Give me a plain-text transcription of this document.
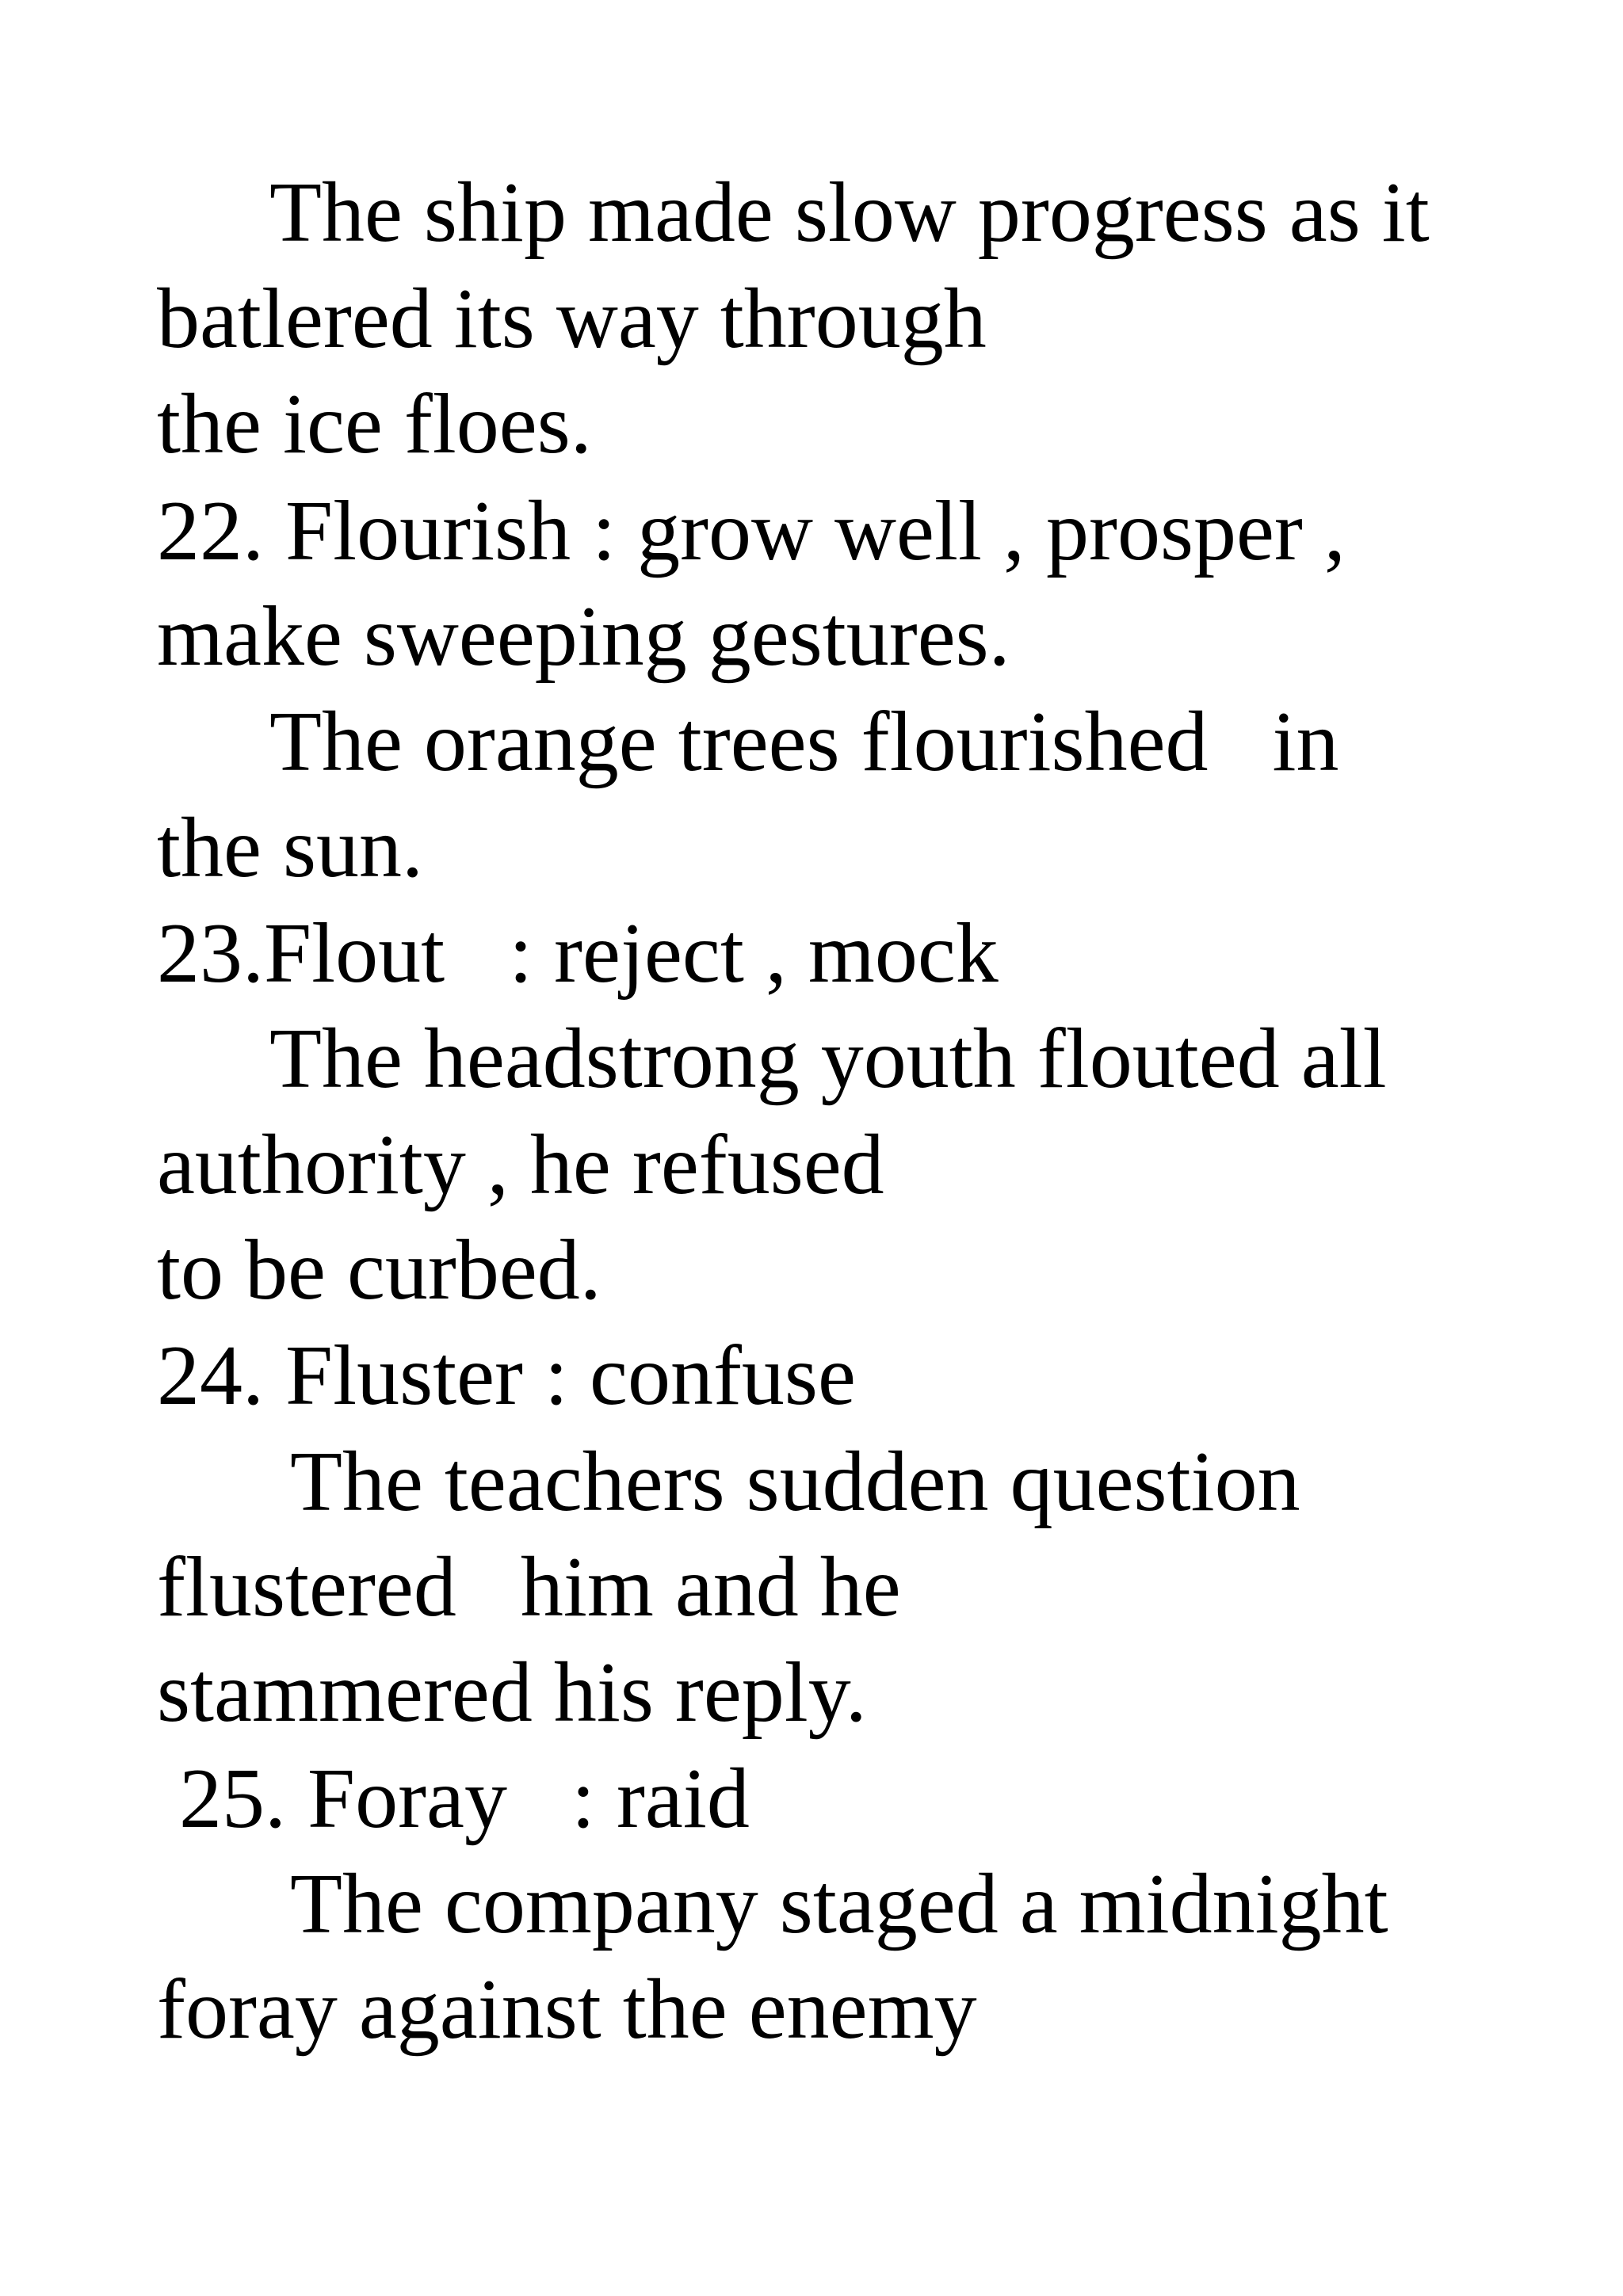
The ship made slow progress as it

batlered its way through

the ice floes.

22. Flourish : grow well , prosper ,

make sweeping gestures.

The orange trees flourished   in

the sun.

23.Flout   : reject , mock

The headstrong youth flouted all

authority , he refused

to be curbed.

24. Fluster : confuse

The teachers sudden question

flustered   him and he

stammered his reply.

25. Foray   : raid

The company staged a midnight

foray against the enemy
